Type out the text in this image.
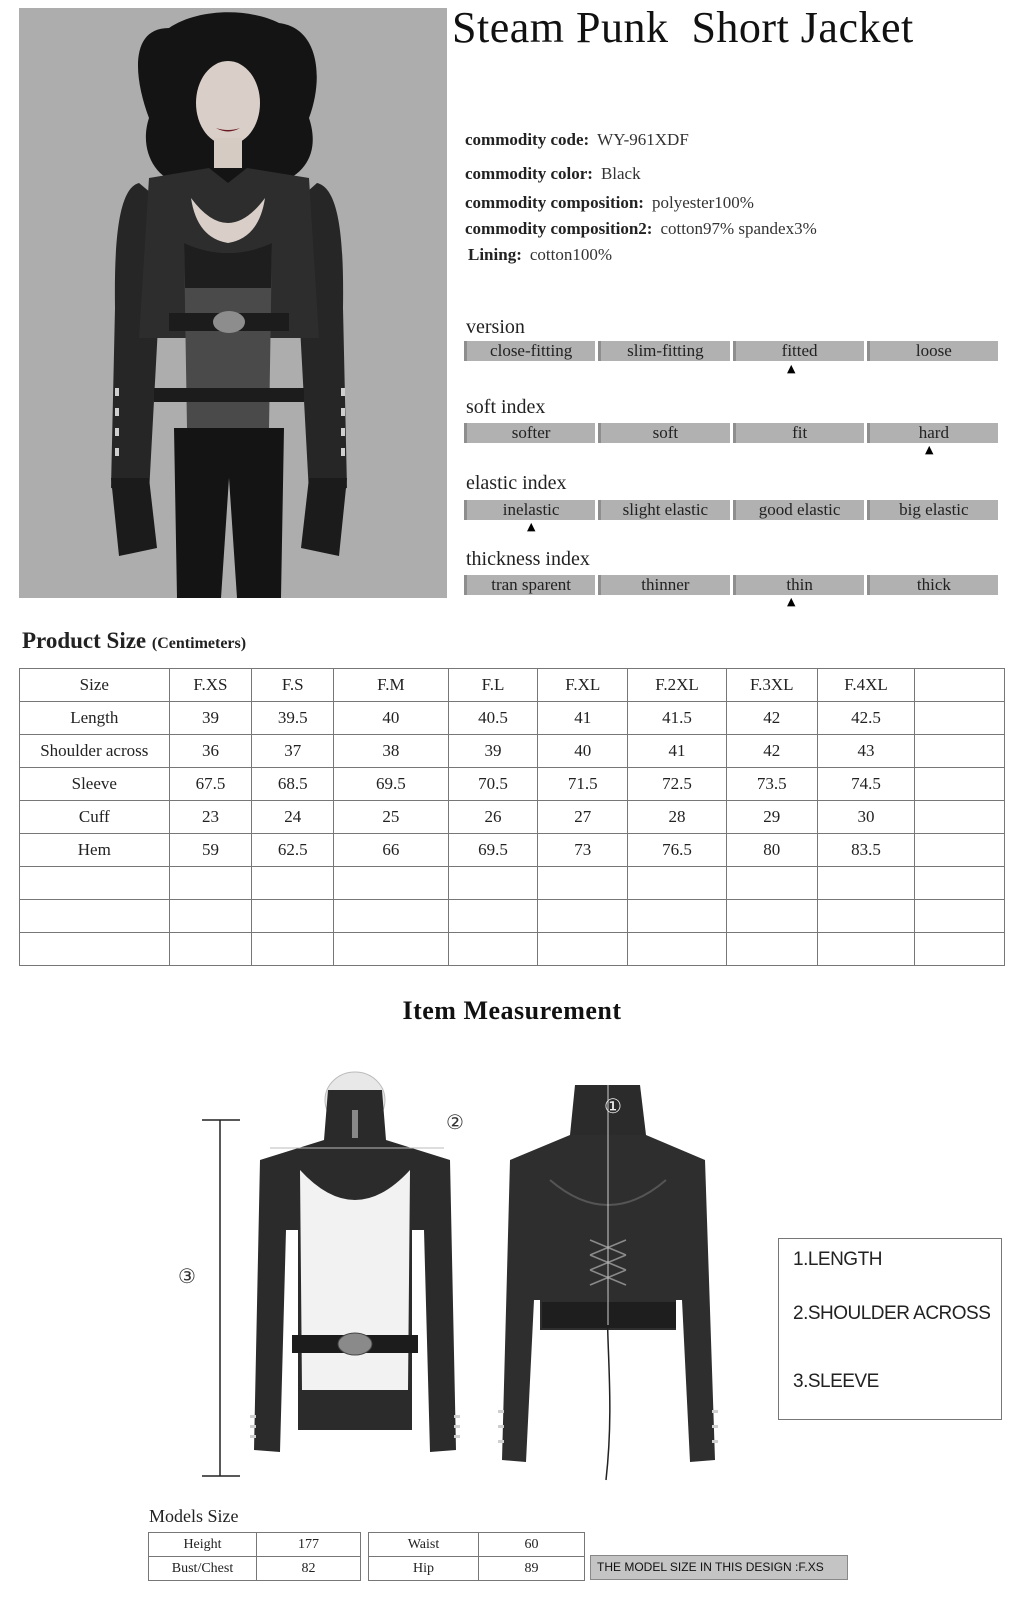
Steam Punk  Short Jacket
commodity code: WY-961XDF
commodity color: Black
commodity composition: polyester100%
commodity composition2: cotton97% spandex3%
Lining: cotton100%
version
close-fitting	slim-fitting	fitted	loose
▲
soft index
softer	soft	fit	hard
▲
elastic index
inelastic	slight elastic	good elastic	big elastic
▲
thickness index
tran sparent	thinner	thin	thick
▲
Product Size (Centimeters)
Size	F.XS	F.S	F.M	F.L	F.XL	F.2XL	F.3XL	F.4XL	
Length	39	39.5	40	40.5	41	41.5	42	42.5	
Shoulder across	36	37	38	39	40	41	42	43	
Sleeve	67.5	68.5	69.5	70.5	71.5	72.5	73.5	74.5	
Cuff	23	24	25	26	27	28	29	30	
Hem	59	62.5	66	69.5	73	76.5	80	83.5	

Item Measurement
②
③
①
1.LENGTH
2.SHOULDER ACROSS
3.SLEEVE
Models Size
Height	177
Bust/Chest	82
Waist	60
Hip	89	THE MODEL SIZE IN THIS DESIGN :F.XS
